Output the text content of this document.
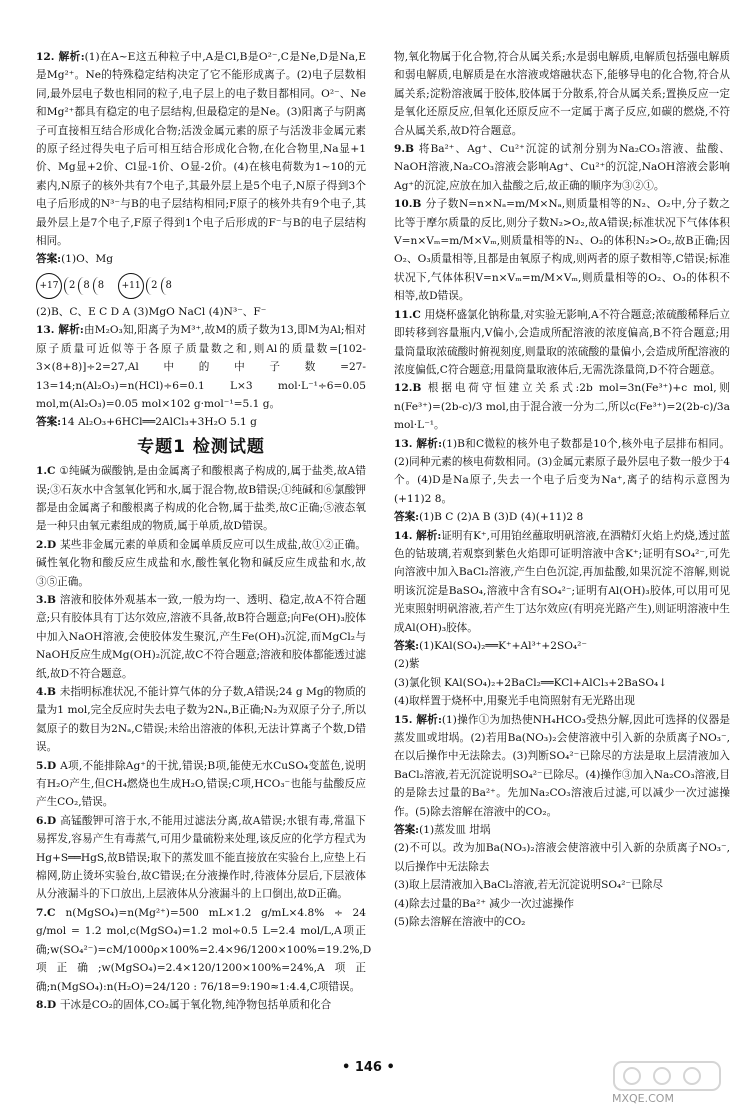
12. 解析:(1)在A~E这五种粒子中,A是Cl,B是O²⁻,C是Ne,D是Na,E是Mg²⁺。Ne的特殊稳定结构决定了它不能形成离子。(2)电子层数相同,最外层电子数也相同的粒子,电子层上的电子数目都相同。O²⁻、Ne和Mg²⁺都具有稳定的电子层结构,但最稳定的是Ne。(3)阳离子与阴离子可直接相互结合形成化合物;活泼金属元素的原子与活泼非金属元素的原子经过得失电子后可相互结合形成化合物,在化合物里,Na显+1价、Mg显+2价、Cl显-1价、O显-2价。(4)在核电荷数为1~10的元素内,N原子的核外共有7个电子,其最外层上是5个电子,N原子得到3个电子后形成的N³⁻与B的电子层结构相同;F原子的核外共有9个电子,其最外层上是7个电子,F原子得到1个电子后形成的F⁻与B的电子层结构相同。

答案:(1)O、Mg

+17	2 8 8	+11	2 8

(2)B、C、E C D A (3)MgO NaCl (4)N³⁻、F⁻

13. 解析:由M₂O₃知,阳离子为M³⁺,故M的质子数为13,即M为Al;相对原子质量可近似等于各原子质量数之和,则Al的质量数=[102-3×(8+8)]÷2=27,Al中的中子数=27-13=14;n(Al₂O₃)=n(HCl)÷6=0.1 L×3 mol·L⁻¹÷6=0.05 mol,m(Al₂O₃)=0.05 mol×102 g·mol⁻¹=5.1 g。

答案:14 Al₂O₃+6HCl══2AlCl₃+3H₂O 5.1 g

专题1 检测试题

1.C ①纯碱为碳酸钠,是由金属离子和酸根离子构成的,属于盐类,故A错误;③石灰水中含氢氧化钙和水,属于混合物,故B错误;①纯碱和⑥氯酸钾都是由金属离子和酸根离子构成的化合物,属于盐类,故C正确;⑤液态氧是一种只由氧元素组成的物质,属于单质,故D错误。

2.D 某些非金属元素的单质和金属单质反应可以生成盐,故①②正确。碱性氧化物和酸反应生成盐和水,酸性氧化物和碱反应生成盐和水,故③⑤正确。

3.B 溶液和胶体外观基本一致,一般为均一、透明、稳定,故A不符合题意;只有胶体具有丁达尔效应,溶液不具备,故B符合题意;向Fe(OH)₃胶体中加入NaOH溶液,会使胶体发生聚沉,产生Fe(OH)₃沉淀,而MgCl₂与NaOH反应生成Mg(OH)₂沉淀,故C不符合题意;溶液和胶体都能透过滤纸,故D不符合题意。

4.B 未指明标准状况,不能计算气体的分子数,A错误;24 g Mg的物质的量为1 mol,完全反应时失去电子数为2Nₐ,B正确;N₂为双原子分子,所以氦原子的数目为2Nₐ,C错误;未给出溶液的体积,无法计算离子个数,D错误。

5.D A项,不能排除Ag⁺的干扰,错误;B项,能使无水CuSO₄变蓝色,说明有H₂O产生,但CH₄燃烧也生成H₂O,错误;C项,HCO₃⁻也能与盐酸反应产生CO₂,错误。

6.D 高锰酸钾可溶于水,不能用过滤法分离,故A错误;水银有毒,常温下易挥发,容易产生有毒蒸气,可用少量硫粉来处理,该反应的化学方程式为Hg+S══HgS,故B错误;取下的蒸发皿不能直接放在实验台上,应垫上石棉网,防止烫坏实验台,故C错误;在分液操作时,待液体分层后,下层液体从分液漏斗的下口放出,上层液体从分液漏斗的上口倒出,故D正确。

7.C n(MgSO₄)=n(Mg²⁺)=500 mL×1.2 g/mL×4.8% ÷ 24 g/mol = 1.2 mol,c(MgSO₄)=1.2 mol÷0.5 L=2.4 mol/L,A项正确;w(SO₄²⁻)=cM/1000ρ×100%=2.4×96/1200×100%=19.2%,D项正确;w(MgSO₄)=2.4×120/1200×100%=24%,A项正确;n(MgSO₄):n(H₂O)=24/120 : 76/18=9:190≈1:4.4,C项错误。

8.D 干冰是CO₂的固体,CO₂属于氧化物,纯净物包括单质和化合

物,氧化物属于化合物,符合从属关系;水是弱电解质,电解质包括强电解质和弱电解质,电解质是在水溶液或熔融状态下,能够导电的化合物,符合从属关系;淀粉溶液属于胶体,胶体属于分散系,符合从属关系;置换反应一定是氧化还原反应,但氧化还原反应不一定属于离子反应,如碳的燃烧,不符合从属关系,故D符合题意。

9.B 将Ba²⁺、Ag⁺、Cu²⁺沉淀的试剂分别为Na₂CO₃溶液、盐酸、NaOH溶液,Na₂CO₃溶液会影响Ag⁺、Cu²⁺的沉淀,NaOH溶液会影响Ag⁺的沉淀,应放在加入盐酸之后,故正确的顺序为③②①。

10.B 分子数N=n×Nₐ=m/M×Nₐ,则质量相等的N₂、O₂中,分子数之比等于摩尔质量的反比,则分子数N₂>O₂,故A错误;标准状况下气体体积V=n×Vₘ=m/M×Vₘ,则质量相等的N₂、O₂的体积N₂>O₂,故B正确;因O₂、O₃质量相等,且都是由氧原子构成,则两者的原子数相等,C错误;标准状况下,气体体积V=n×Vₘ=m/M×Vₘ,则质量相等的O₂、O₃的体积不相等,故D错误。

11.C 用烧杯盛氯化钠称量,对实验无影响,A不符合题意;浓硫酸稀释后立即转移到容量瓶内,V偏小,会造成所配溶液的浓度偏高,B不符合题意;用量筒量取浓硫酸时俯视刻度,则量取的浓硫酸的量偏小,会造成所配溶液的浓度偏低,C符合题意;用量筒量取液体后,无需洗涤量筒,D不符合题意。

12.B 根据电荷守恒建立关系式:2b mol=3n(Fe³⁺)+c mol,则n(Fe³⁺)=(2b-c)/3 mol,由于混合液一分为二,所以c(Fe³⁺)=2(2b-c)/3a mol·L⁻¹。

13. 解析:(1)B和C微粒的核外电子数都是10个,核外电子层排布相同。(2)同种元素的核电荷数相同。(3)金属元素原子最外层电子数一般少于4个。(4)D是Na原子,失去一个电子后变为Na⁺,离子的结构示意图为(+11)2 8。

答案:(1)B C (2)A B (3)D (4)(+11)2 8

14. 解析:证明有K⁺,可用铂丝蘸取明矾溶液,在酒精灯火焰上灼烧,透过蓝色的钴玻璃,若观察到紫色火焰即可证明溶液中含K⁺;证明有SO₄²⁻,可先向溶液中加入BaCl₂溶液,产生白色沉淀,再加盐酸,如果沉淀不溶解,则说明该沉淀是BaSO₄,溶液中含有SO₄²⁻;证明有Al(OH)₃胶体,可以用可见光束照射明矾溶液,若产生丁达尔效应(有明亮光路产生),则证明溶液中生成Al(OH)₃胶体。

答案:(1)KAl(SO₄)₂══K⁺+Al³⁺+2SO₄²⁻

(2)紫

(3)氯化钡 KAl(SO₄)₂+2BaCl₂══KCl+AlCl₃+2BaSO₄↓

(4)取样置于烧杯中,用聚光手电筒照射有无光路出现

15. 解析:(1)操作①为加热使NH₄HCO₃受热分解,因此可选择的仪器是蒸发皿或坩埚。(2)若用Ba(NO₃)₂会使溶液中引入新的杂质离子NO₃⁻,在以后操作中无法除去。(3)判断SO₄²⁻已除尽的方法是取上层清液加入BaCl₂溶液,若无沉淀说明SO₄²⁻已除尽。(4)操作③加入Na₂CO₃溶液,目的是除去过量的Ba²⁺。先加Na₂CO₃溶液后过滤,可以减少一次过滤操作。(5)除去溶解在溶液中的CO₂。

答案:(1)蒸发皿 坩埚

(2)不可以。改为加Ba(NO₃)₂溶液会使溶液中引入新的杂质离子NO₃⁻,以后操作中无法除去

(3)取上层清液加入BaCl₂溶液,若无沉淀说明SO₄²⁻已除尽

(4)除去过量的Ba²⁺ 减少一次过滤操作

(5)除去溶解在溶液中的CO₂

• 146 •
MXQE.COM
